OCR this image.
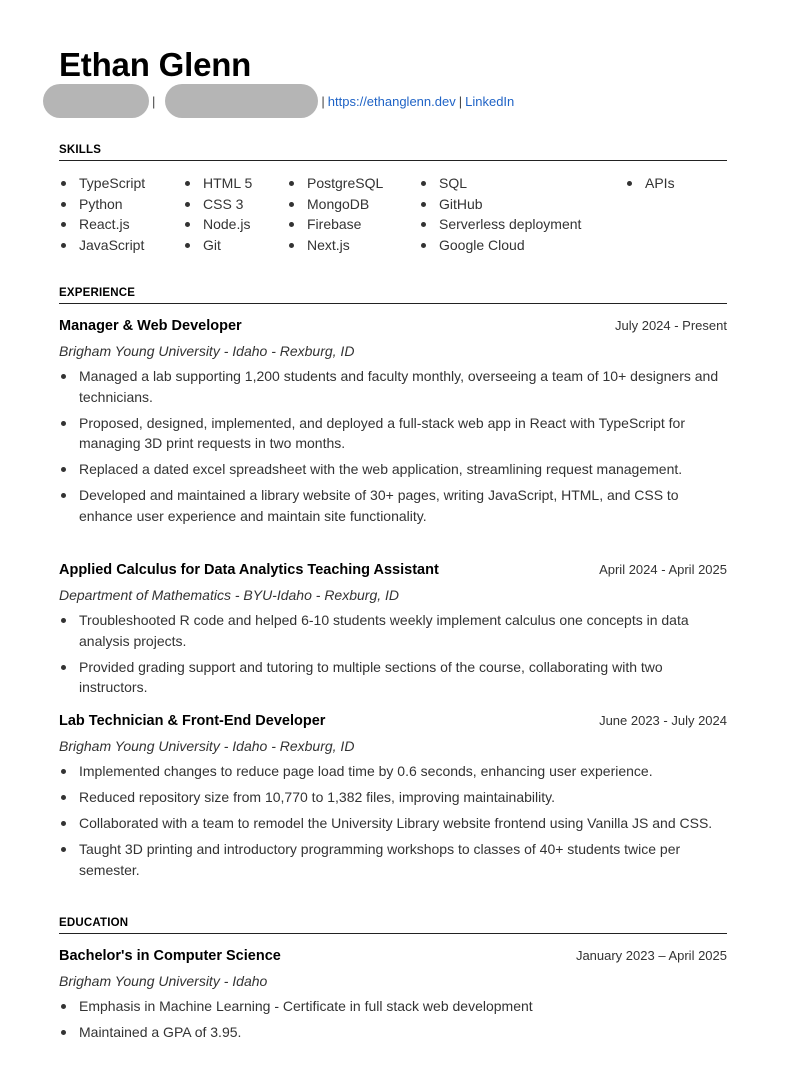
Ethan Glenn
|	| https://ethanglenn.dev | LinkedIn
SKILLS
TypeScript
Python
React.js
JavaScript
HTML 5
CSS 3
Node.js
Git
PostgreSQL
MongoDB
Firebase
Next.js
SQL
GitHub
Serverless deployment
Google Cloud
APIs
EXPERIENCE
Manager & Web Developer	July 2024 - Present
Brigham Young University - Idaho - Rexburg, ID
Managed a lab supporting 1,200 students and faculty monthly, overseeing a team of 10+ designers and technicians.
Proposed, designed, implemented, and deployed a full-stack web app in React with TypeScript for managing 3D print requests in two months.
Replaced a dated excel spreadsheet with the web application, streamlining request management.
Developed and maintained a library website of 30+ pages, writing JavaScript, HTML, and CSS to enhance user experience and maintain site functionality.
Applied Calculus for Data Analytics Teaching Assistant	April 2024 - April 2025
Department of Mathematics - BYU-Idaho - Rexburg, ID
Troubleshooted R code and helped 6-10 students weekly implement calculus one concepts in data analysis projects.
Provided grading support and tutoring to multiple sections of the course, collaborating with two instructors.
Lab Technician & Front-End Developer	June 2023 - July 2024
Brigham Young University - Idaho - Rexburg, ID
Implemented changes to reduce page load time by 0.6 seconds, enhancing user experience.
Reduced repository size from 10,770 to 1,382 files, improving maintainability.
Collaborated with a team to remodel the University Library website frontend using Vanilla JS and CSS.
Taught 3D printing and introductory programming workshops to classes of 40+ students twice per semester.
EDUCATION
Bachelor's in Computer Science	January 2023 – April 2025
Brigham Young University - Idaho
Emphasis in Machine Learning - Certificate in full stack web development
Maintained a GPA of 3.95.
